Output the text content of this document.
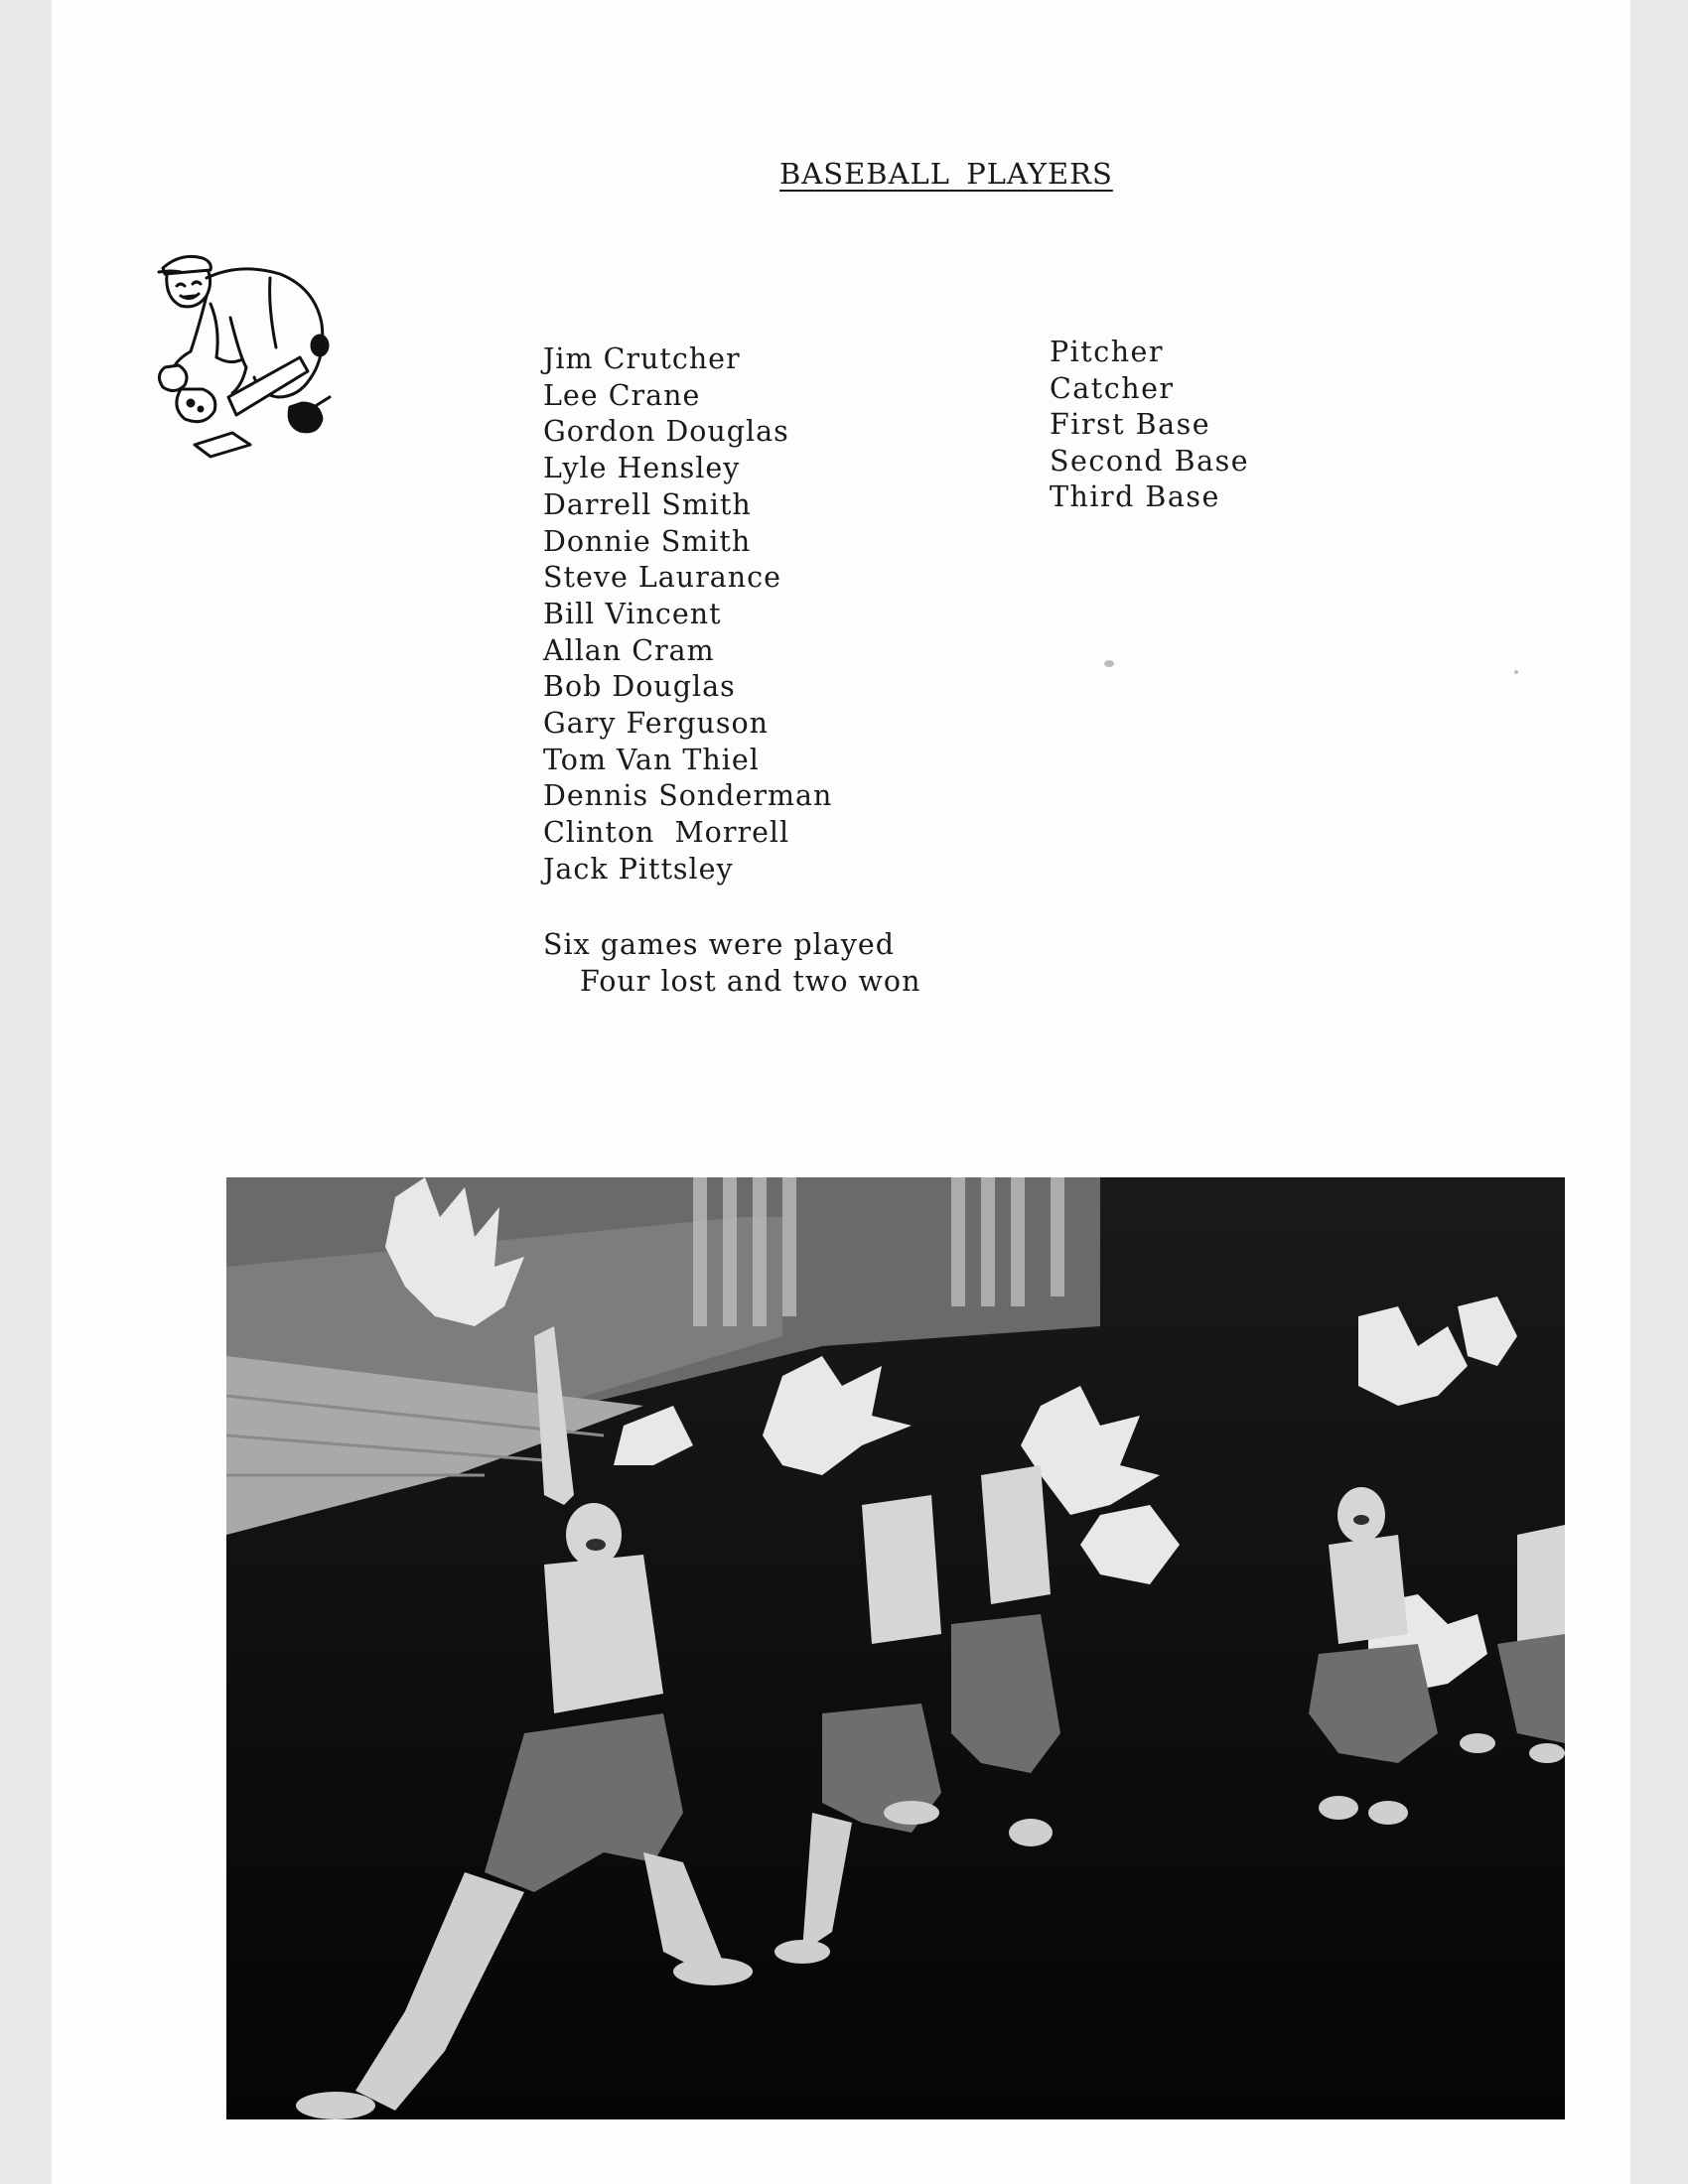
BASEBALL PLAYERS
Jim Crutcher
Lee Crane
Gordon Douglas
Lyle Hensley
Darrell Smith
Donnie Smith
Steve Laurance
Bill Vincent
Allan Cram
Bob Douglas
Gary Ferguson
Tom Van Thiel
Dennis Sonderman
Clinton  Morrell
Jack Pittsley
Pitcher
Catcher
First Base
Second Base
Third Base
Six games were played
Four lost and two won
